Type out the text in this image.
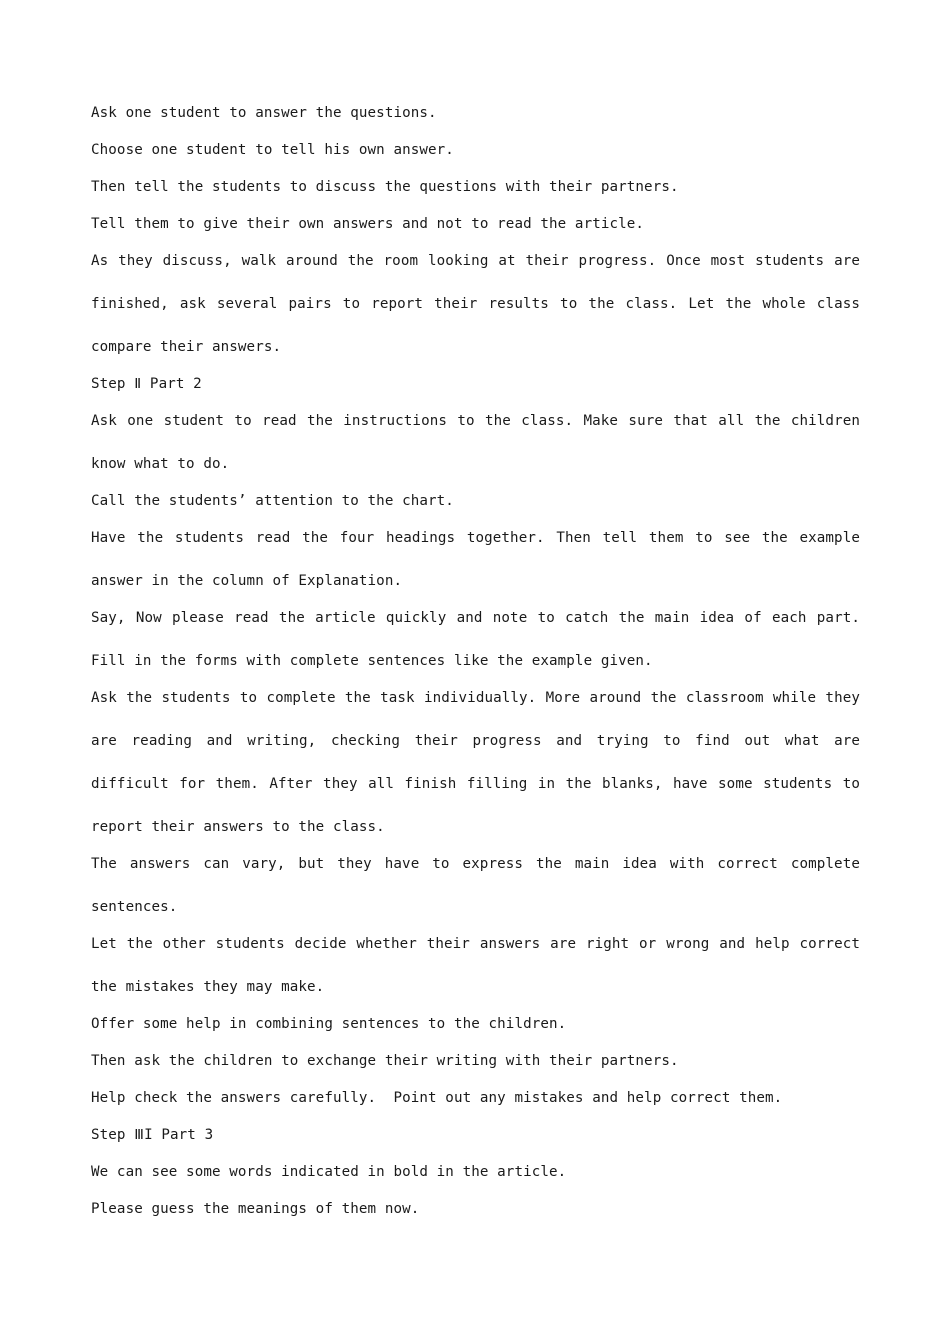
Ask one student to answer the questions.
Choose one student to tell his own answer.
Then tell the students to discuss the questions with their partners.
Tell them to give their own answers and not to read the article.
As they discuss, walk around the room looking at their progress. Once most students are finished, ask several pairs to report their results to the class. Let the whole class compare their answers.
Step Ⅱ Part 2
Ask one student to read the instructions to the class. Make sure that all the children know what to do.
Call the students’ attention to the chart.
Have the students read the four headings together. Then tell them to see the example answer in the column of Explanation.
Say, Now please read the article quickly and note to catch the main idea of each part. Fill in the forms with complete sentences like the example given.
Ask the students to complete the task individually. More around the classroom while they are reading and writing, checking their progress and trying to find out what are difficult for them. After they all finish filling in the blanks, have some students to report their answers to the class.
The answers can vary, but they have to express the main idea with correct complete sentences.
Let the other students decide whether their answers are right or wrong and help correct the mistakes they may make.
Offer some help in combining sentences to the children.
Then ask the children to exchange their writing with their partners.
Help check the answers carefully.  Point out any mistakes and help correct them.
Step ⅢI Part 3
We can see some words indicated in bold in the article.
Please guess the meanings of them now.
